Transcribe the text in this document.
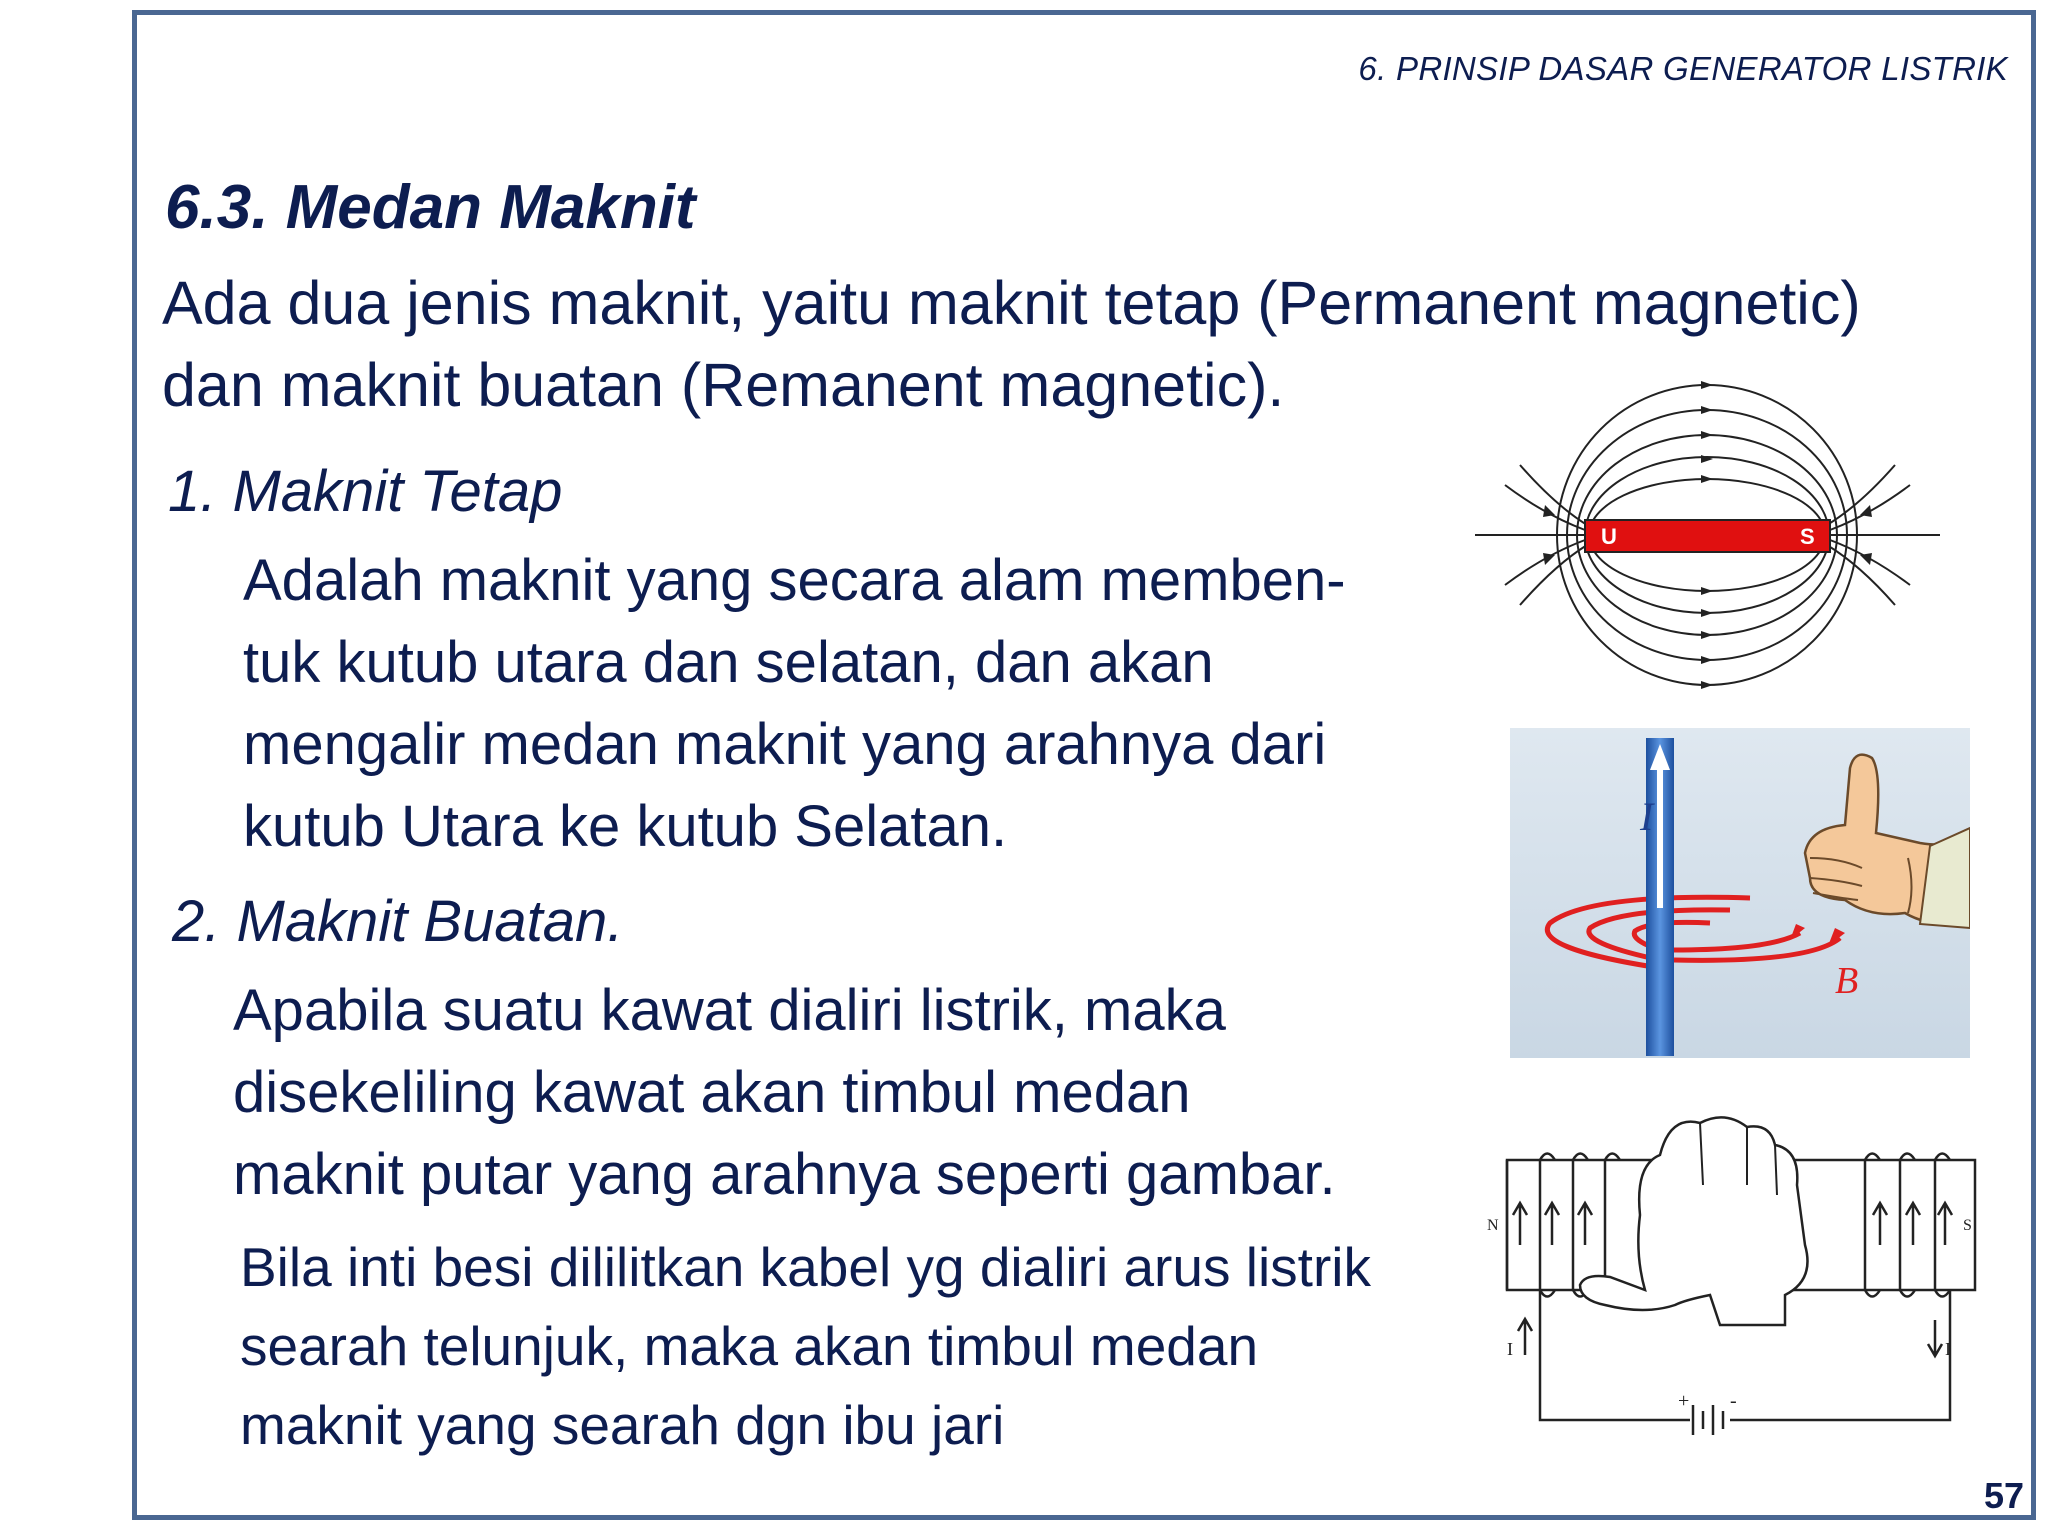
6. PRINSIP DASAR GENERATOR LISTRIK
6.3. Medan Maknit
Ada dua jenis maknit, yaitu maknit tetap (Permanent magnetic)
dan maknit buatan (Remanent magnetic).
1. Maknit Tetap
Adalah maknit yang secara alam memben-
tuk kutub utara dan selatan, dan akan
mengalir medan maknit yang arahnya dari
kutub Utara ke kutub Selatan.
2. Maknit Buatan.
Apabila suatu kawat dialiri listrik, maka
disekeliling kawat akan timbul medan
maknit putar yang arahnya seperti gambar.
Bila inti besi dililitkan kabel yg dialiri arus listrik
searah telunjuk, maka akan timbul medan
maknit yang searah dgn ibu jari
U	S
I
B
N	S
I	I
+ -
57
